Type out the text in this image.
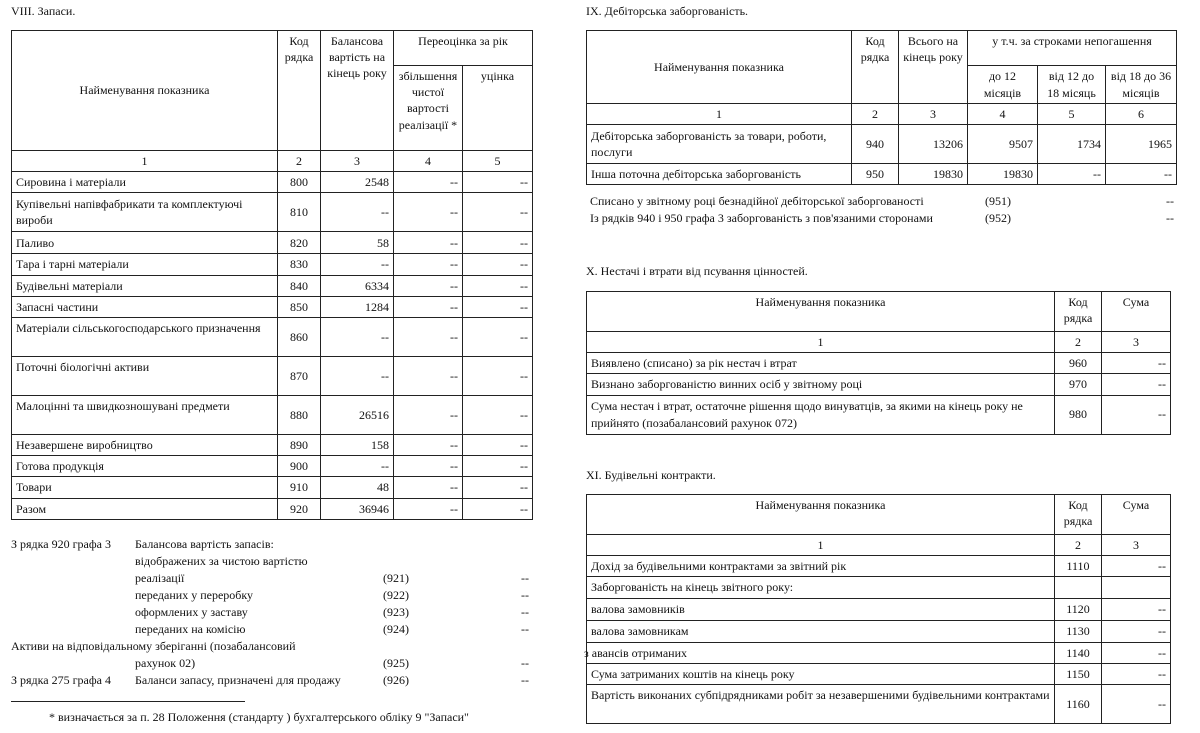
VIII. Запаси.
Найменування показника	Код рядка	Балансова вартість на кінець року	Переоцінка за рік	
			збільшення чистої вартості реалізації *	уцінка
1	2	3	4	5
Сировина і матеріали	800	2548	--	--
Купівельні напівфабрикати та комплектуючі вироби	810	--	--	--
Паливо	820	58	--	--
Тара і тарні матеріали	830	--	--	--
Будівельні матеріали	840	6334	--	--
Запасні частини	850	1284	--	--
Матеріали сільськогосподарського призначення	860	--	--	--
Поточні біологічні активи	870	--	--	--
Малоцінні та швидкозношувані предмети	880	26516	--	--
Незавершене виробництво	890	158	--	--
Готова продукція	900	--	--	--
Товари	910	48	--	--
Разом	920	36946	--	--
З рядка 920 графа 3 Балансова вартість запасів:
відображених за чистою вартістю
реалізації	(921)	--
переданих у переробку	(922)	--
оформлених у заставу	(923)	--
переданих на комісію	(924)	--
Активи на відповідальному зберіганні (позабалансовий
рахунок 02)	(925)	--
З рядка 275 графа 4 Баланси запасу, призначені для продажу	(926)	--
* визначається за п. 28 Положення (стандарту ) бухгалтерського обліку 9 "Запаси"
IX. Дебіторська заборгованість.
Найменування показника	Код рядка	Всього на кінець року	у т.ч. за строками непогашення		
			до 12 місяців	від 12 до 18 місяць	від 18 до 36 місяців
1	2	3	4	5	6
Дебіторська заборгованість за товари, роботи, послуги	940	13206	9507	1734	1965
Інша поточна дебіторська заборгованість	950	19830	19830	--	--
Списано у звітному році безнадійної дебіторської заборгованості	(951)	--
Із рядків 940 і 950 графа 3 заборгованість з пов'язаними сторонами	(952)	--
X. Нестачі і втрати від псування цінностей.
Найменування показника	Код рядка	Сума
1	2	3
Виявлено (списано) за рік нестач і втрат	960	--
Визнано заборгованістю винних осіб у звітному році	970	--
Сума нестач і втрат, остаточне рішення щодо винуватців, за якими на кінець року не прийнято (позабалансовий рахунок 072)	980	--
XI. Будівельні контракти.
Найменування показника	Код рядка	Сума
1	2	3
Дохід за будівельними контрактами за звітний рік	1110	--
Заборгованість на кінець звітного року:		
валова замовників	1120	--
валова замовникам	1130	--
з авансів отриманих	1140	--
Сума затриманих коштів на кінець року	1150	--
Вартість виконаних субпідрядниками робіт за незавершеними будівельними контрактами	1160	--
